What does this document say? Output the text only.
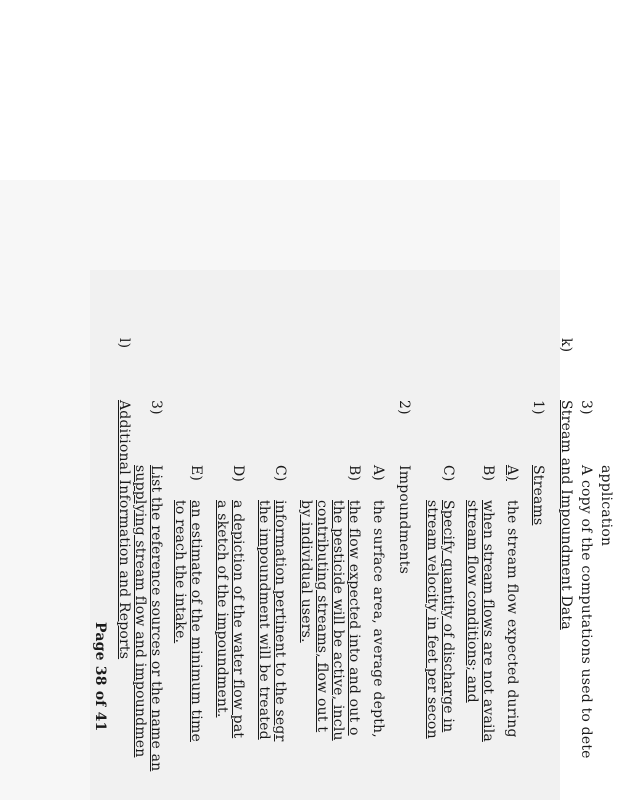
application
3)
k)
Stream and Impoundment Data
1)
Streams
A)
the stream flow expected during
B)
when stream flows are not availa
stream flow conditions; and
C)
Specify quantity of discharge in
stream velocity in feet per secon
2)
Impoundments
A)
the surface area, average depth,
B)
the flow expected into and out o
the pesticide will be active, inclu
contributing streams, flow out t
by individual users.
C)
information pertinent to the segr
the impoundment will be treated
D)
a depiction of the water flow pat
a sketch of the impoundment.
E)
an estimate of the minimum time
to reach the intake.
3)
List the reference sources or the name an
supplying stream flow and impoundmen
l)
Additional Information and Reports
Page 38 of 41	A copy of the computations used to dete
